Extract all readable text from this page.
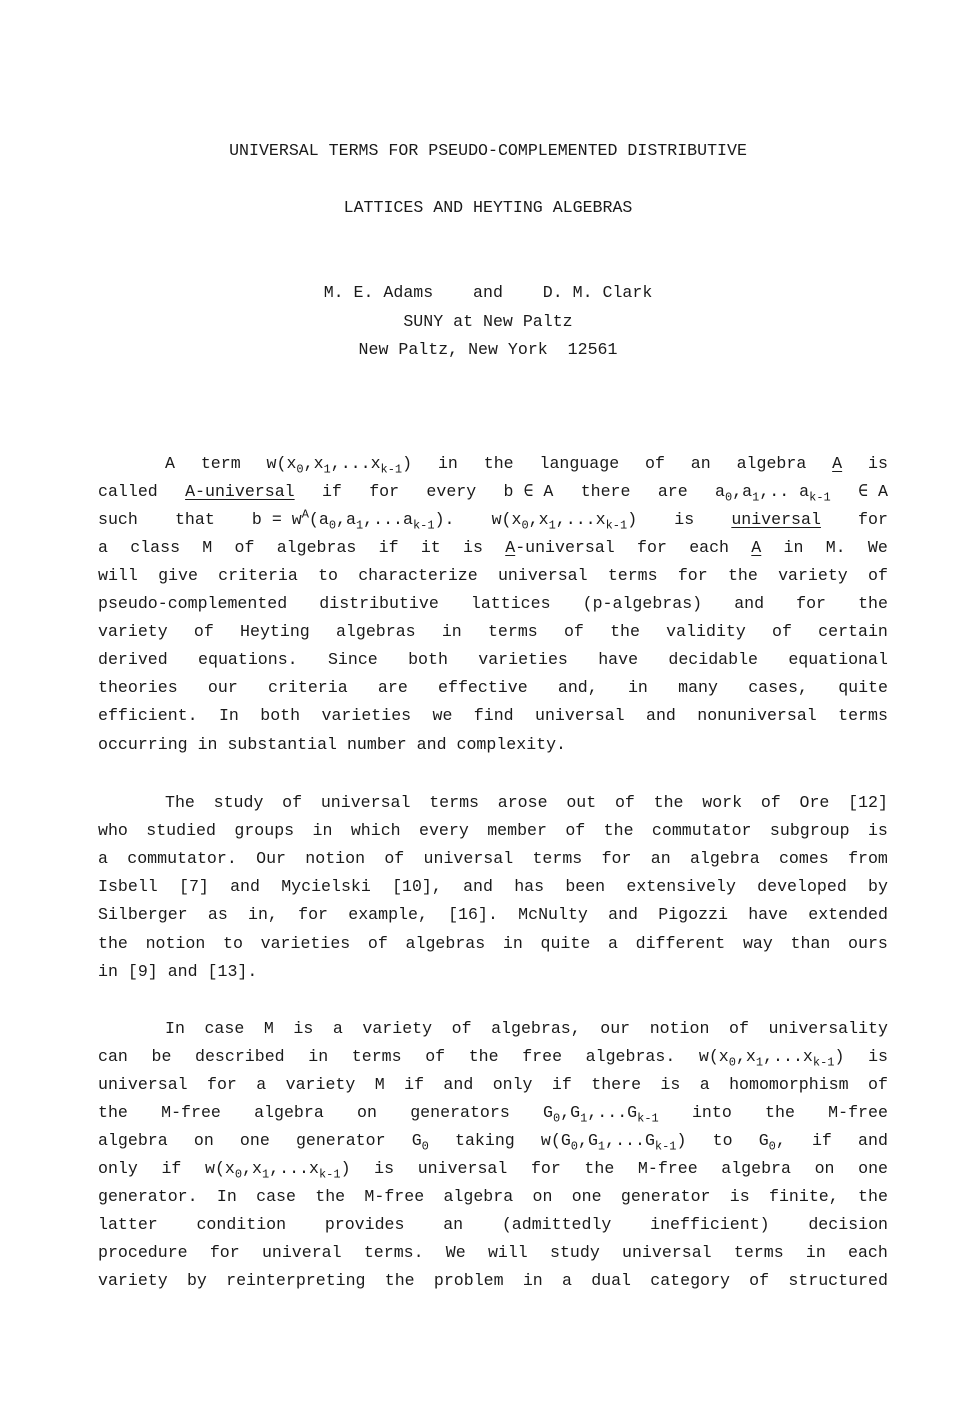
UNIVERSAL TERMS FOR PSEUDO-COMPLEMENTED DISTRIBUTIVE
LATTICES AND HEYTING ALGEBRAS
M. E. Adams    and    D. M. Clark
SUNY at New Paltz
New Paltz, New York  12561
A term $w(x_0,x_1,...x_{k-1})$ in the language of an algebra A is
called A-universal if for every b ∈ A there are $a_0,a_1$,.. $a_{k-1}$ ∈ A
such that $b = w^A(a_0,a_1,...a_{k-1})$. $w(x_0,x_1,...x_{k-1})$ is universal for
a class M of algebras if it is A-universal for each A in M. We
will give criteria to characterize universal terms for the variety of
pseudo-complemented distributive lattices (p-algebras) and for the
variety of Heyting algebras in terms of the validity of certain
derived equations. Since both varieties have decidable equational
theories our criteria are effective and, in many cases, quite
efficient. In both varieties we find universal and nonuniversal terms
occurring in substantial number and complexity.
The study of universal terms arose out of the work of Ore [12]
who studied groups in which every member of the commutator subgroup is
a commutator. Our notion of universal terms for an algebra comes from
Isbell [7] and Mycielski [10], and has been extensively developed by
Silberger as in, for example, [16]. McNulty and Pigozzi have extended
the notion to varieties of algebras in quite a different way than ours
in [9] and [13].
In case M is a variety of algebras, our notion of universality
can be described in terms of the free algebras. $w(x_0,x_1,...x_{k-1})$ is
universal for a variety M if and only if there is a homomorphism of
the M-free algebra on generators $G_0,G_1,...G_{k-1}$ into the M-free
algebra on one generator $G_0$ taking $w(G_0,G_1,...G_{k-1})$ to $G_0$, if and
only if $w(x_0,x_1,...x_{k-1})$ is universal for the M-free algebra on one
generator. In case the M-free algebra on one generator is finite, the
latter condition provides an (admittedly inefficient) decision
procedure for univeral terms. We will study universal terms in each
variety by reinterpreting the problem in a dual category of structured
